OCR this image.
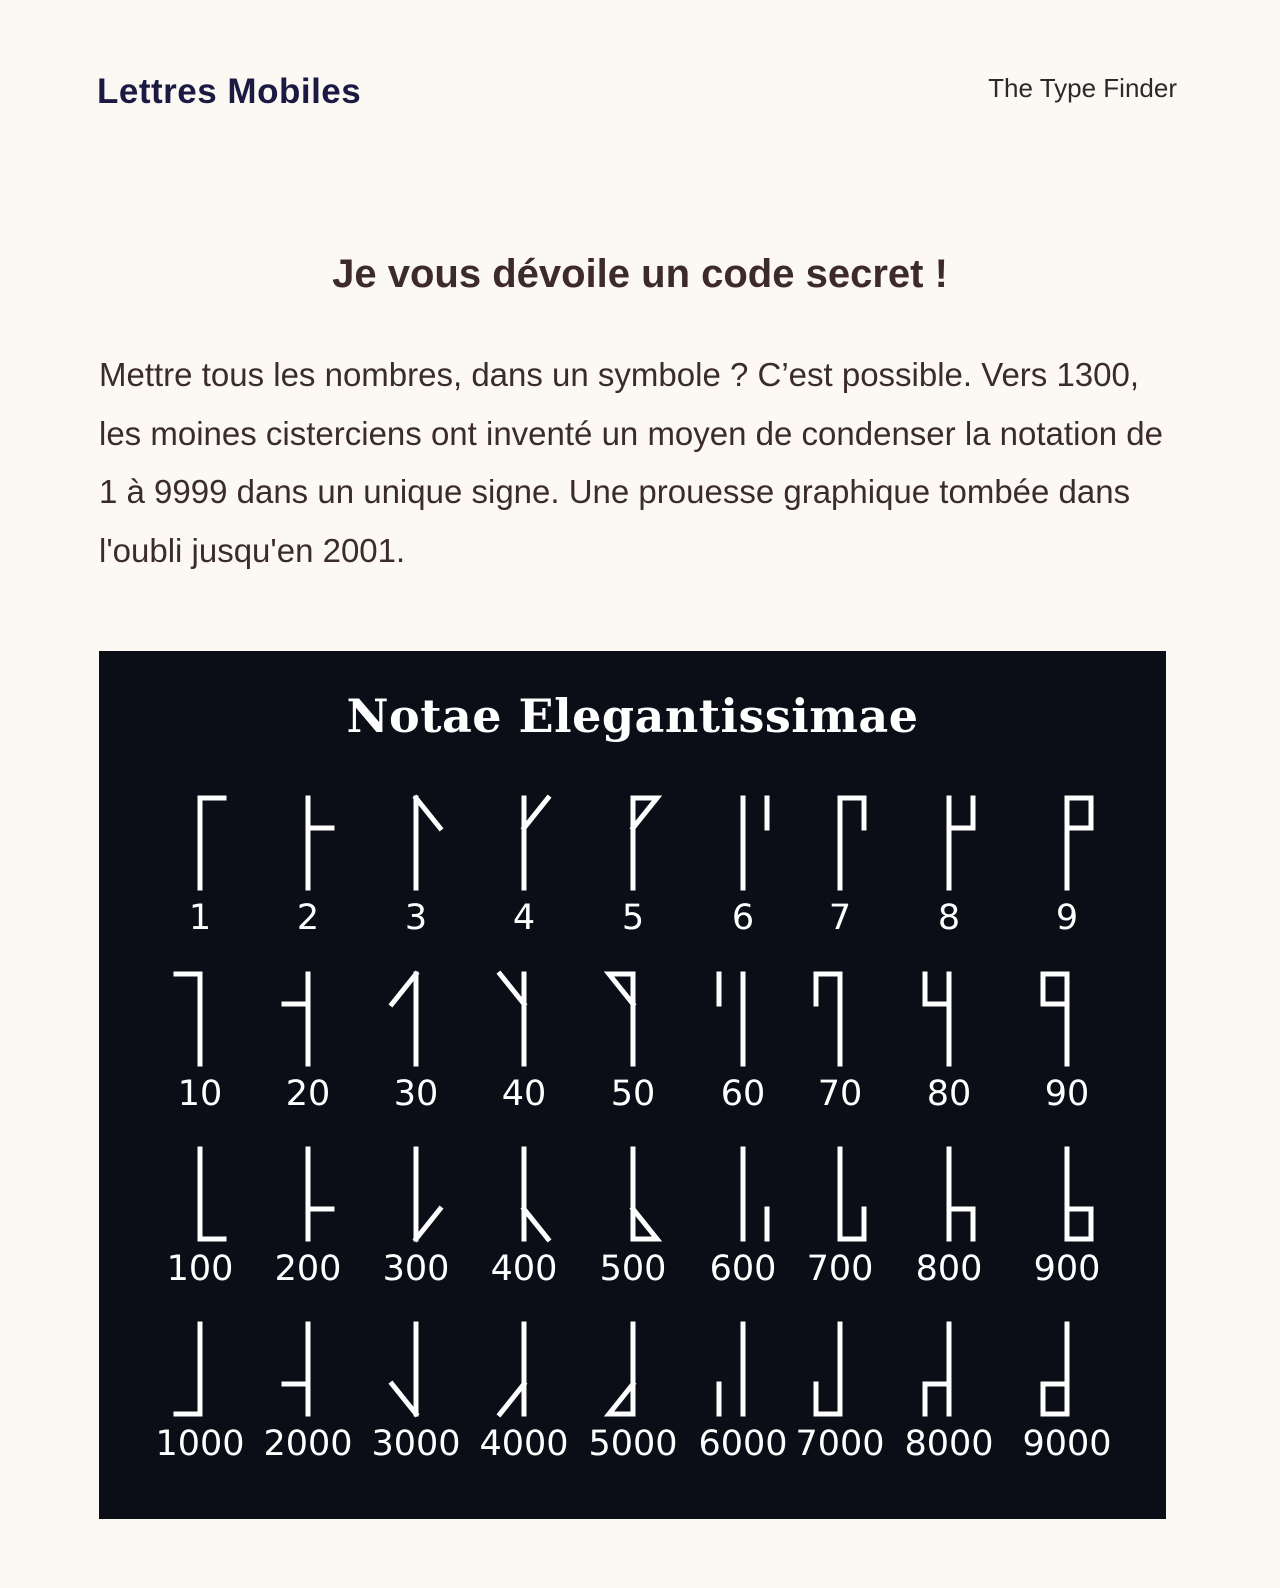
Lettres Mobiles	The Type Finder
Je vous dévoile un code secret !

Mettre tous les nombres, dans un symbole ? C’est possible. Vers 1300, les moines cisterciens ont inventé un moyen de condenser la notation de 1 à 9999 dans un unique signe. Une prouesse graphique tombée dans l'oubli jusqu'en 2001.

Notae Elegantissimae
1 2 3 4 5	6 7 8	9
10 20 30 40 50 60 70 80 90
100 200 300 400 500 600 700 800 900
1000 2000 3000 4000 5000 6000 7000 8000 9000
